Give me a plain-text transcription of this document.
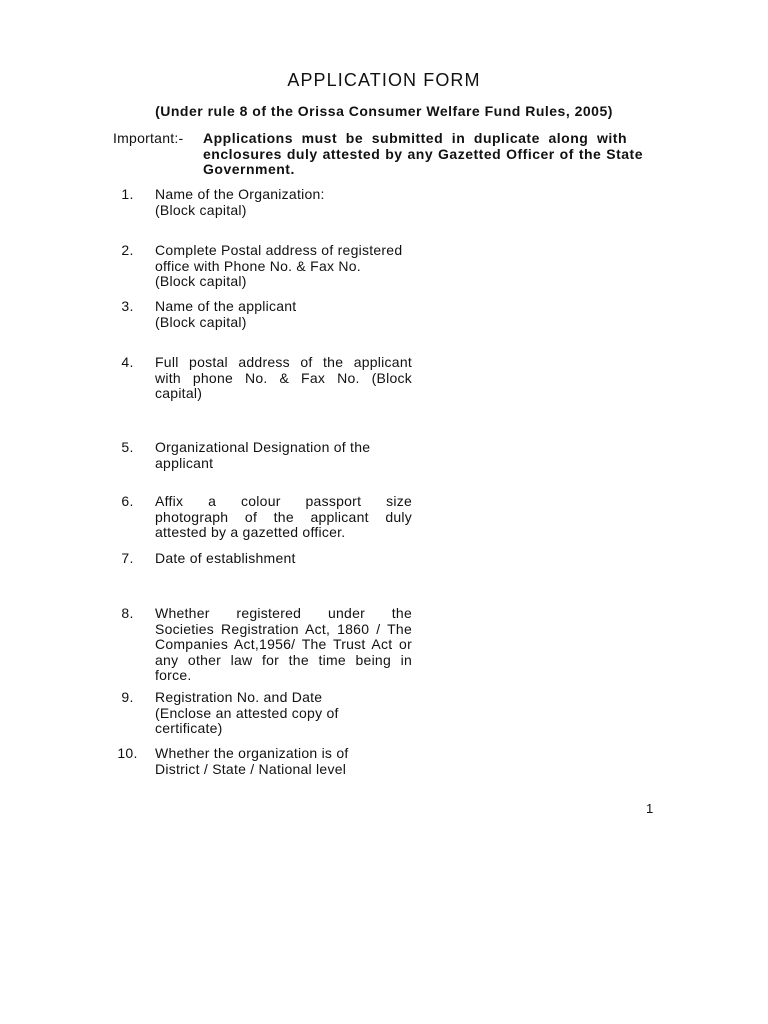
APPLICATION FORM
(Under rule 8 of the Orissa Consumer Welfare Fund Rules, 2005)
Important:- Applications must be submitted in duplicate along with
enclosures duly attested by any Gazetted Officer of the State
Government.
1.	Name of the Organization:
(Block capital)
2.	Complete Postal address of registered
office with Phone No. & Fax No.
(Block capital)
3.	Name of the applicant
(Block capital)
4.	Full postal address of the applicant
with phone No. & Fax No. (Block
capital)
5.	Organizational Designation of the
applicant
6.	Affix a colour passport size
photograph of the applicant duly
attested by a gazetted officer.
7.	Date of establishment
8.	Whether registered under the
Societies Registration Act, 1860 / The
Companies Act,1956/ The Trust Act or
any other law for the time being in
force.
9.	Registration No. and Date
(Enclose an attested copy of
certificate)
10. Whether the organization is of
District / State / National level
1
